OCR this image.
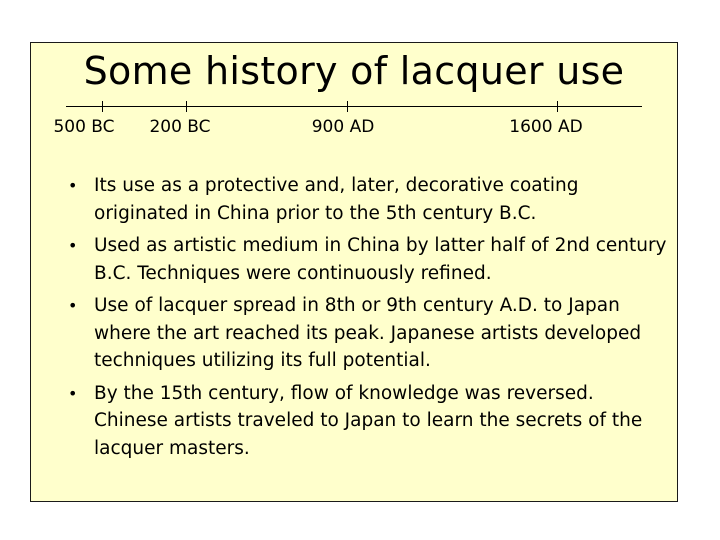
Some history of lacquer use
500 BC 200 BC	900 AD	1600 AD
• Its use as a protective and, later, decorative coating originated in China prior to the 5th century B.C.
• Used as artistic medium in China by latter half of 2nd century B.C. Techniques were continuously refined.
• Use of lacquer spread in 8th or 9th century A.D. to Japan where the art reached its peak. Japanese artists developed techniques utilizing its full potential.
• By the 15th century, flow of knowledge was reversed. Chinese artists traveled to Japan to learn the secrets of the lacquer masters.
